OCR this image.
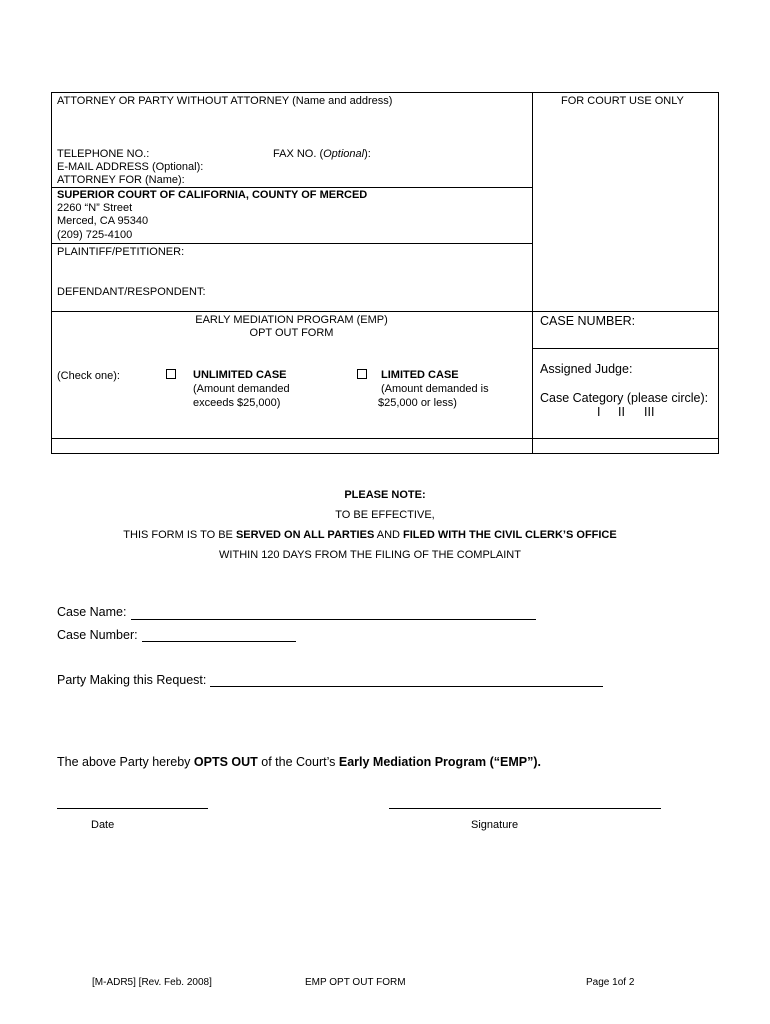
ATTORNEY OR PARTY WITHOUT ATTORNEY (Name and address)	FOR COURT USE ONLY
TELEPHONE NO.:	FAX NO. (Optional):
E-MAIL ADDRESS (Optional):
ATTORNEY FOR (Name):
SUPERIOR COURT OF CALIFORNIA, COUNTY OF MERCED
2260 “N” Street
Merced, CA 95340
(209) 725-4100
PLAINTIFF/PETITIONER:
DEFENDANT/RESPONDENT:
EARLY MEDIATION PROGRAM (EMP)
OPT OUT FORM
CASE NUMBER:
(Check one):	UNLIMITED CASE
(Amount demanded
exceeds $25,000)
LIMITED CASE
(Amount demanded is
$25,000 or less)
Assigned Judge:
Case Category (please circle):
I II III
PLEASE NOTE:
TO BE EFFECTIVE,
THIS FORM IS TO BE SERVED ON ALL PARTIES AND FILED WITH THE CIVIL CLERK’S OFFICE
WITHIN 120 DAYS FROM THE FILING OF THE COMPLAINT
Case Name:
Case Number:
Party Making this Request:
The above Party hereby OPTS OUT of the Court’s Early Mediation Program (“EMP”).
Date	Signature
[M-ADR5] [Rev. Feb. 2008]	EMP OPT OUT FORM	Page 1of 2
